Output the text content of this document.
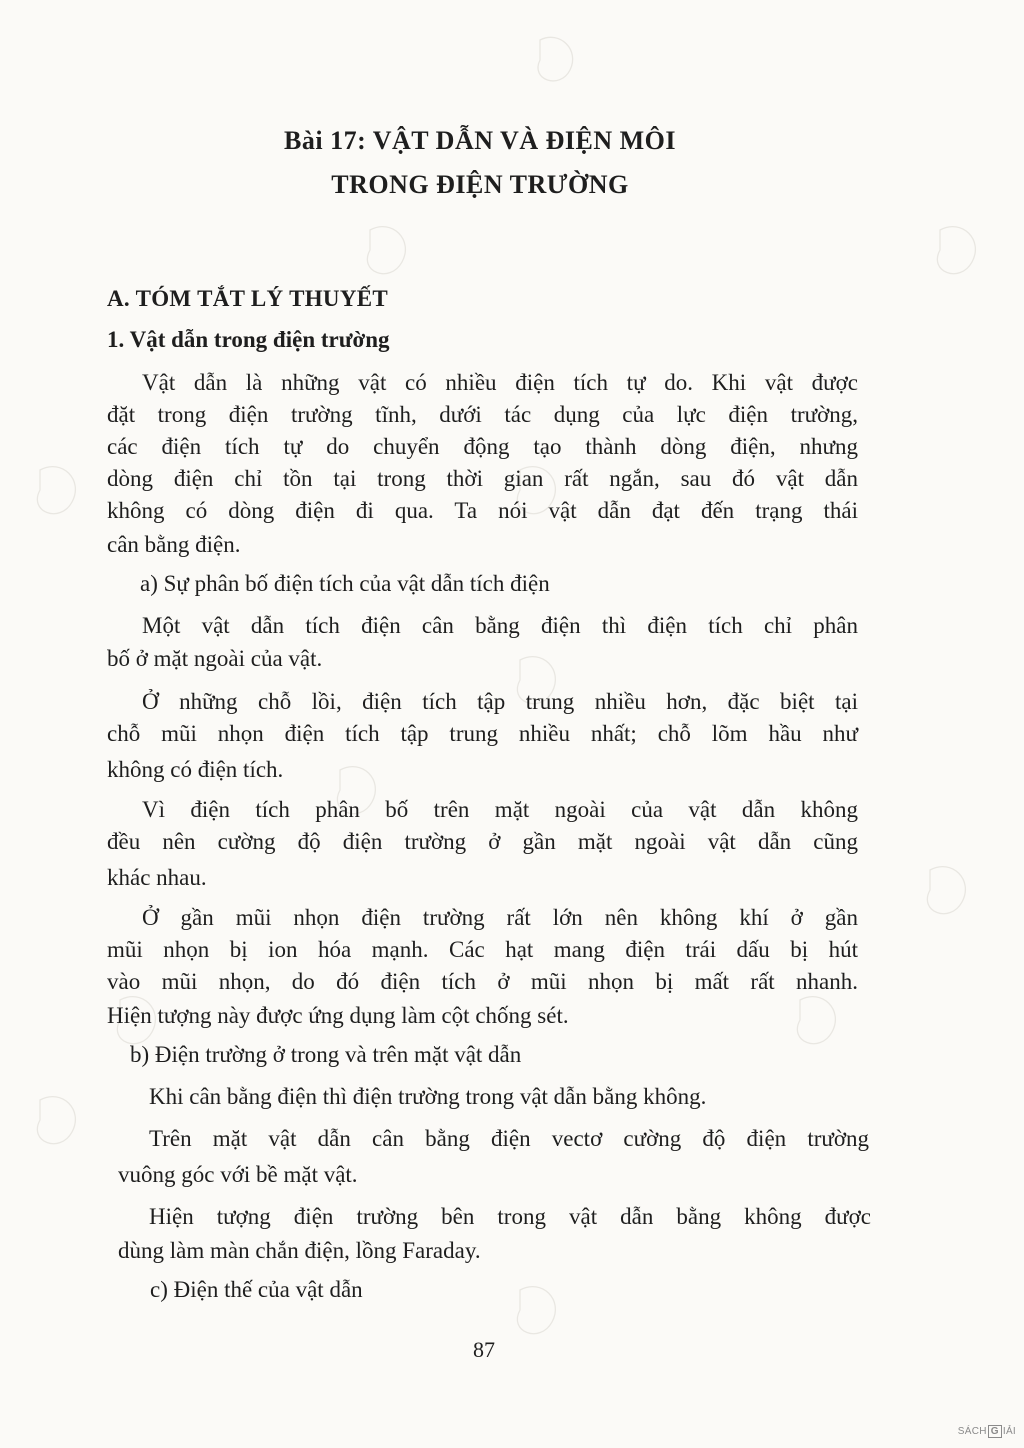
Bài 17: VẬT DẪN VÀ ĐIỆN MÔI
TRONG ĐIỆN TRƯỜNG
A. TÓM TẮT LÝ THUYẾT
1. Vật dẫn trong điện trường
Vật dẫn là những vật có nhiều điện tích tự do. Khi vật được
đặt trong điện trường tĩnh, dưới tác dụng của lực điện trường,
các điện tích tự do chuyển động tạo thành dòng điện, nhưng
dòng điện chỉ tồn tại trong thời gian rất ngắn, sau đó vật dẫn
không có dòng điện đi qua. Ta nói vật dẫn đạt đến trạng thái
cân bằng điện.
a) Sự phân bố điện tích của vật dẫn tích điện
Một vật dẫn tích điện cân bằng điện thì điện tích chỉ phân
bố ở mặt ngoài của vật.
Ở những chỗ lồi, điện tích tập trung nhiều hơn, đặc biệt tại
chỗ mũi nhọn điện tích tập trung nhiều nhất; chỗ lõm hầu như
không có điện tích.
Vì điện tích phân bố trên mặt ngoài của vật dẫn không
đều nên cường độ điện trường ở gần mặt ngoài vật dẫn cũng
khác nhau.
Ở gần mũi nhọn điện trường rất lớn nên không khí ở gần
mũi nhọn bị ion hóa mạnh. Các hạt mang điện trái dấu bị hút
vào mũi nhọn, do đó điện tích ở mũi nhọn bị mất rất nhanh.
Hiện tượng này được ứng dụng làm cột chống sét.
b) Điện trường ở trong và trên mặt vật dẫn
Khi cân bằng điện thì điện trường trong vật dẫn bằng không.
Trên mặt vật dẫn cân bằng điện vectơ cường độ điện trường
vuông góc với bề mặt vật.
Hiện tượng điện trường bên trong vật dẫn bằng không được
dùng làm màn chắn điện, lồng Faraday.
c) Điện thế của vật dẫn
87
SÁCH G IẢI
